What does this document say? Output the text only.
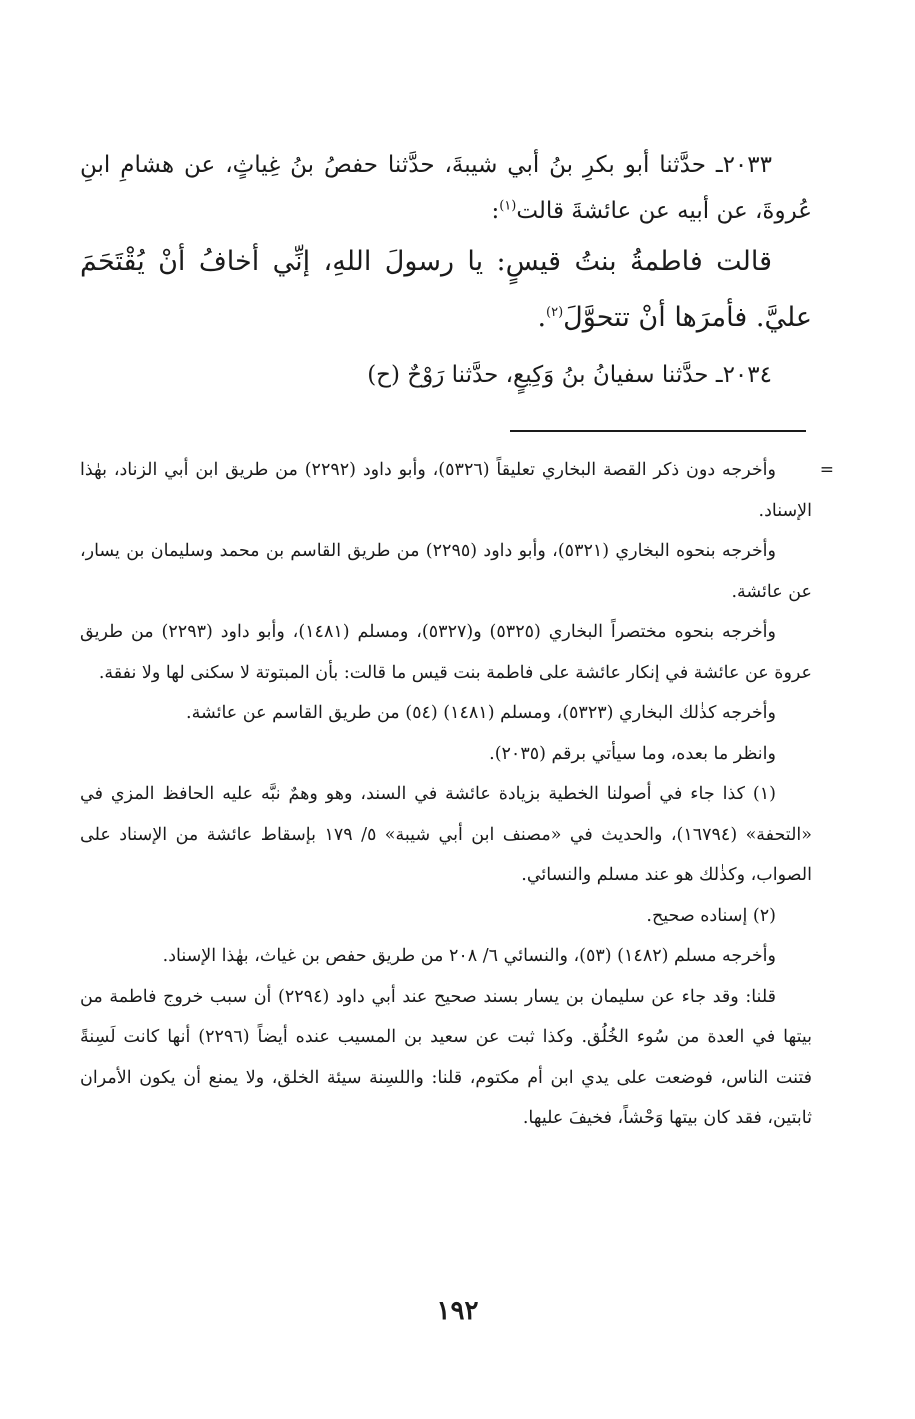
٢٠٣٣ـ حدَّثنا أبو بكرِ بنُ أبي شيبةَ، حدَّثنا حفصُ بنُ غِياثٍ، عن هشامِ ابنِ عُروةَ، عن أبيه عن عائشةَ قالت$^{(١)}$:

قالت فاطمةُ بنتُ قيسٍ: يا رسولَ اللهِ، إنِّي أخافُ أنْ يُقْتَحَمَ عليَّ. فأمرَها أنْ تتحوَّلَ$^{(٢)}$.

٢٠٣٤ـ حدَّثنا سفيانُ بنُ وَكِيعٍ، حدَّثنا رَوْحٌ (ح)

=
وأخرجه دون ذكر القصة البخاري تعليقاً (٥٣٢٦)، وأبو داود (٢٢٩٢) من طريق ابن أبي الزناد، بهٰذا الإسناد.

وأخرجه بنحوه البخاري (٥٣٢١)، وأبو داود (٢٢٩٥) من طريق القاسم بن محمد وسليمان بن يسار، عن عائشة.

وأخرجه بنحوه مختصراً البخاري (٥٣٢٥) و(٥٣٢٧)، ومسلم (١٤٨١)، وأبو داود (٢٢٩٣) من طريق عروة عن عائشة في إنكار عائشة على فاطمة بنت قيس ما قالت: بأن المبتوتة لا سكنى لها ولا نفقة.

وأخرجه كذٰلك البخاري (٥٣٢٣)، ومسلم (١٤٨١) (٥٤) من طريق القاسم عن عائشة.

وانظر ما بعده، وما سيأتي برقم (٢٠٣٥).

(١) كذا جاء في أصولنا الخطية بزيادة عائشة في السند، وهو وهمٌ نبَّه عليه الحافظ المزي في «التحفة» (١٦٧٩٤)، والحديث في «مصنف ابن أبي شيبة» ٥/ ١٧٩ بإسقاط عائشة من الإسناد على الصواب، وكذٰلك هو عند مسلم والنسائي.

(٢) إسناده صحيح.

وأخرجه مسلم (١٤٨٢) (٥٣)، والنسائي ٦/ ٢٠٨ من طريق حفص بن غياث، بهٰذا الإسناد.

قلنا: وقد جاء عن سليمان بن يسار بسند صحيح عند أبي داود (٢٢٩٤) أن سبب خروج فاطمة من بيتها في العدة من سُوء الخُلُق. وكذا ثبت عن سعيد بن المسيب عنده أيضاً (٢٢٩٦) أنها كانت لَسِنةً فتنت الناس، فوضعت على يدي ابن أم مكتوم، قلنا: واللسِنة سيئة الخلق، ولا يمنع أن يكون الأمران ثابتين، فقد كان بيتها وَحْشاً، فخيفَ عليها.

١٩٢
